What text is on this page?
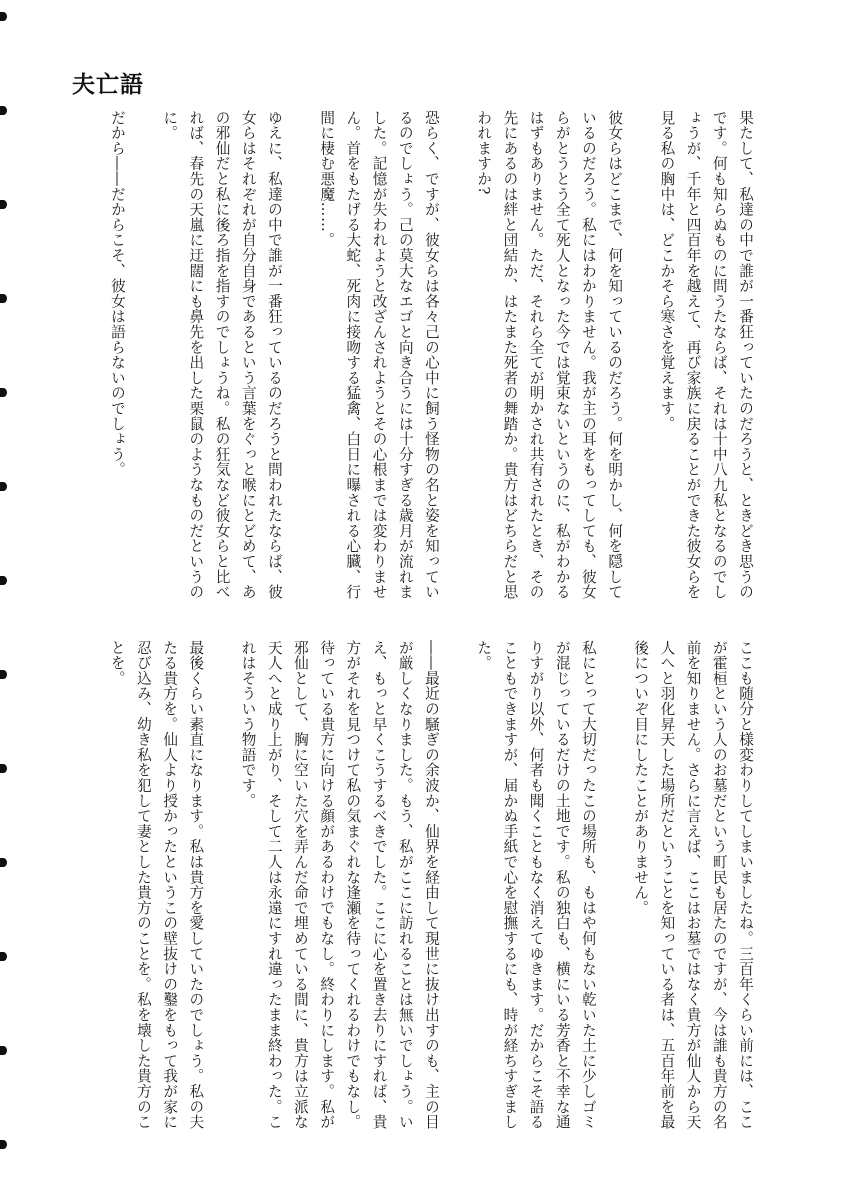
夫亡語

果たして、私達の中で誰が一番狂っていたのだろうと、ときどき思うのです。何も知らぬものに問うたならば、それは十中八九私となるのでしょうが、千年と四百年を越えて、再び家族に戻ることができた彼女らを見る私の胸中は、どこかそら寒さを覚えます。

彼女らはどこまで、何を知っているのだろう。何を明かし、何を隠しているのだろう。私にはわかりません。我が主の耳をもってしても、彼女らがとうとう全て死人となった今では覚束ないというのに、私がわかるはずもありません。ただ、それら全てが明かされ共有されたとき、その先にあるのは絆と団結か、はたまた死者の舞踏か。貴方はどちらだと思われますか?

恐らく、ですが、彼女らは各々己の心中に飼う怪物の名と姿を知っているのでしょう。己の莫大なエゴと向き合うには十分すぎる歳月が流れました。記憶が失われようと改ざんされようとその心根までは変わりません。首をもたげる大蛇、死肉に接吻する猛禽、白日に曝される心臓、行間に棲む悪魔……。

ゆえに、私達の中で誰が一番狂っているのだろうと問われたならば、彼女らはそれぞれが自分自身であるという言葉をぐっと喉にとどめて、あの邪仙だと私に後ろ指を指すのでしょうね。私の狂気など彼女らと比べれば、春先の天嵐に迂闊にも鼻先を出した栗鼠のようなものだというのに。

だから――だからこそ、彼女は語らないのでしょう。

ここも随分と様変わりしてしまいましたね。三百年くらい前には、ここが霍桓という人のお墓だという町民も居たのですが、今は誰も貴方の名前を知りません。さらに言えば、ここはお墓ではなく貴方が仙人から天人へと羽化昇天した場所だということを知っている者は、五百年前を最後についぞ目にしたことがありません。

私にとって大切だったこの場所も、もはや何もない乾いた土に少しゴミが混じっているだけの土地です。私の独白も、横にいる芳香と不幸な通りすがり以外、何者も聞くこともなく消えてゆきます。だからこそ語ることもできますが、届かぬ手紙で心を慰撫するにも、時が経ちすぎました。

――最近の騒ぎの余波か、仙界を経由して現世に抜け出すのも、主の目が厳しくなりました。もう、私がここに訪れることは無いでしょう。いえ、もっと早くこうするべきでした。ここに心を置き去りにすれば、貴方がそれを見つけて私の気まぐれな逢瀬を待ってくれるわけでもなし。待っている貴方に向ける顔があるわけでもなし。終わりにします。私が邪仙として、胸に空いた穴を弄んだ命で埋めている間に、貴方は立派な天人へと成り上がり、そして二人は永遠にすれ違ったまま終わった。これはそういう物語です。

最後くらい素直になります。私は貴方を愛していたのでしょう。私の夫たる貴方を。仙人より授かったというこの壁抜けの鑿をもって我が家に忍び込み、幼き私を犯して妻とした貴方のことを。私を壊した貴方のことを。
